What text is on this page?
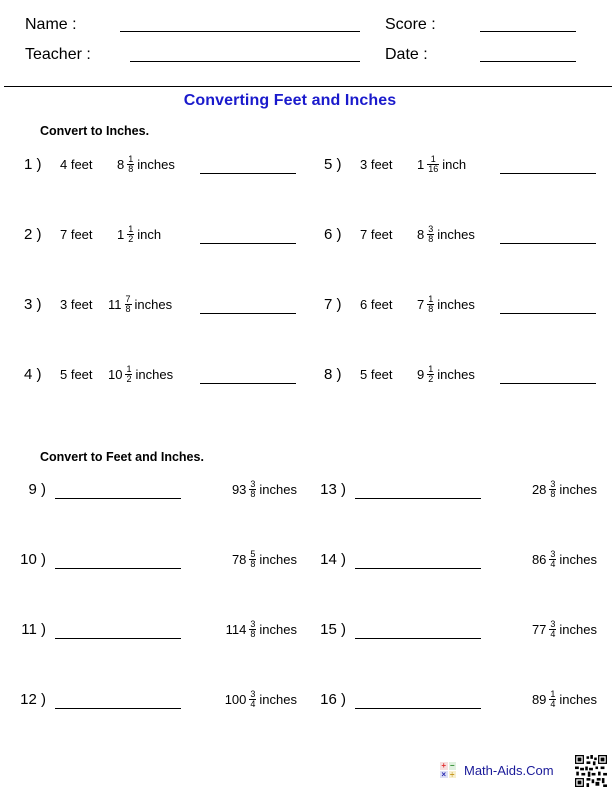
Name :	Score :
Teacher :	Date :
Converting Feet and Inches
Convert to Inches.
1 ) 4 feet $8 \frac{1}{8}$ inches
2 ) 7 feet $1 \frac{1}{2}$ inch
3 ) 3 feet $11 \frac{7}{8}$ inches
4 ) 5 feet $10 \frac{1}{2}$ inches
5 ) 3 feet $1 \frac{1}{16}$ inch
6 ) 7 feet $8 \frac{3}{8}$ inches
7 ) 6 feet $7 \frac{1}{8}$ inches
8 ) 5 feet $9 \frac{1}{2}$ inches
Convert to Feet and Inches.
9 )	$93 \frac{3}{8}$ inches
10 )	$78 \frac{5}{8}$ inches
11 )	$114 \frac{3}{8}$ inches
12 )	$100 \frac{3}{4}$ inches
13 )	$28 \frac{3}{8}$ inches
14 )	$86 \frac{3}{4}$ inches
15 )	$77 \frac{3}{4}$ inches
16 )	$89 \frac{1}{4}$ inches
+ −
× ÷ Math-Aids.Com
